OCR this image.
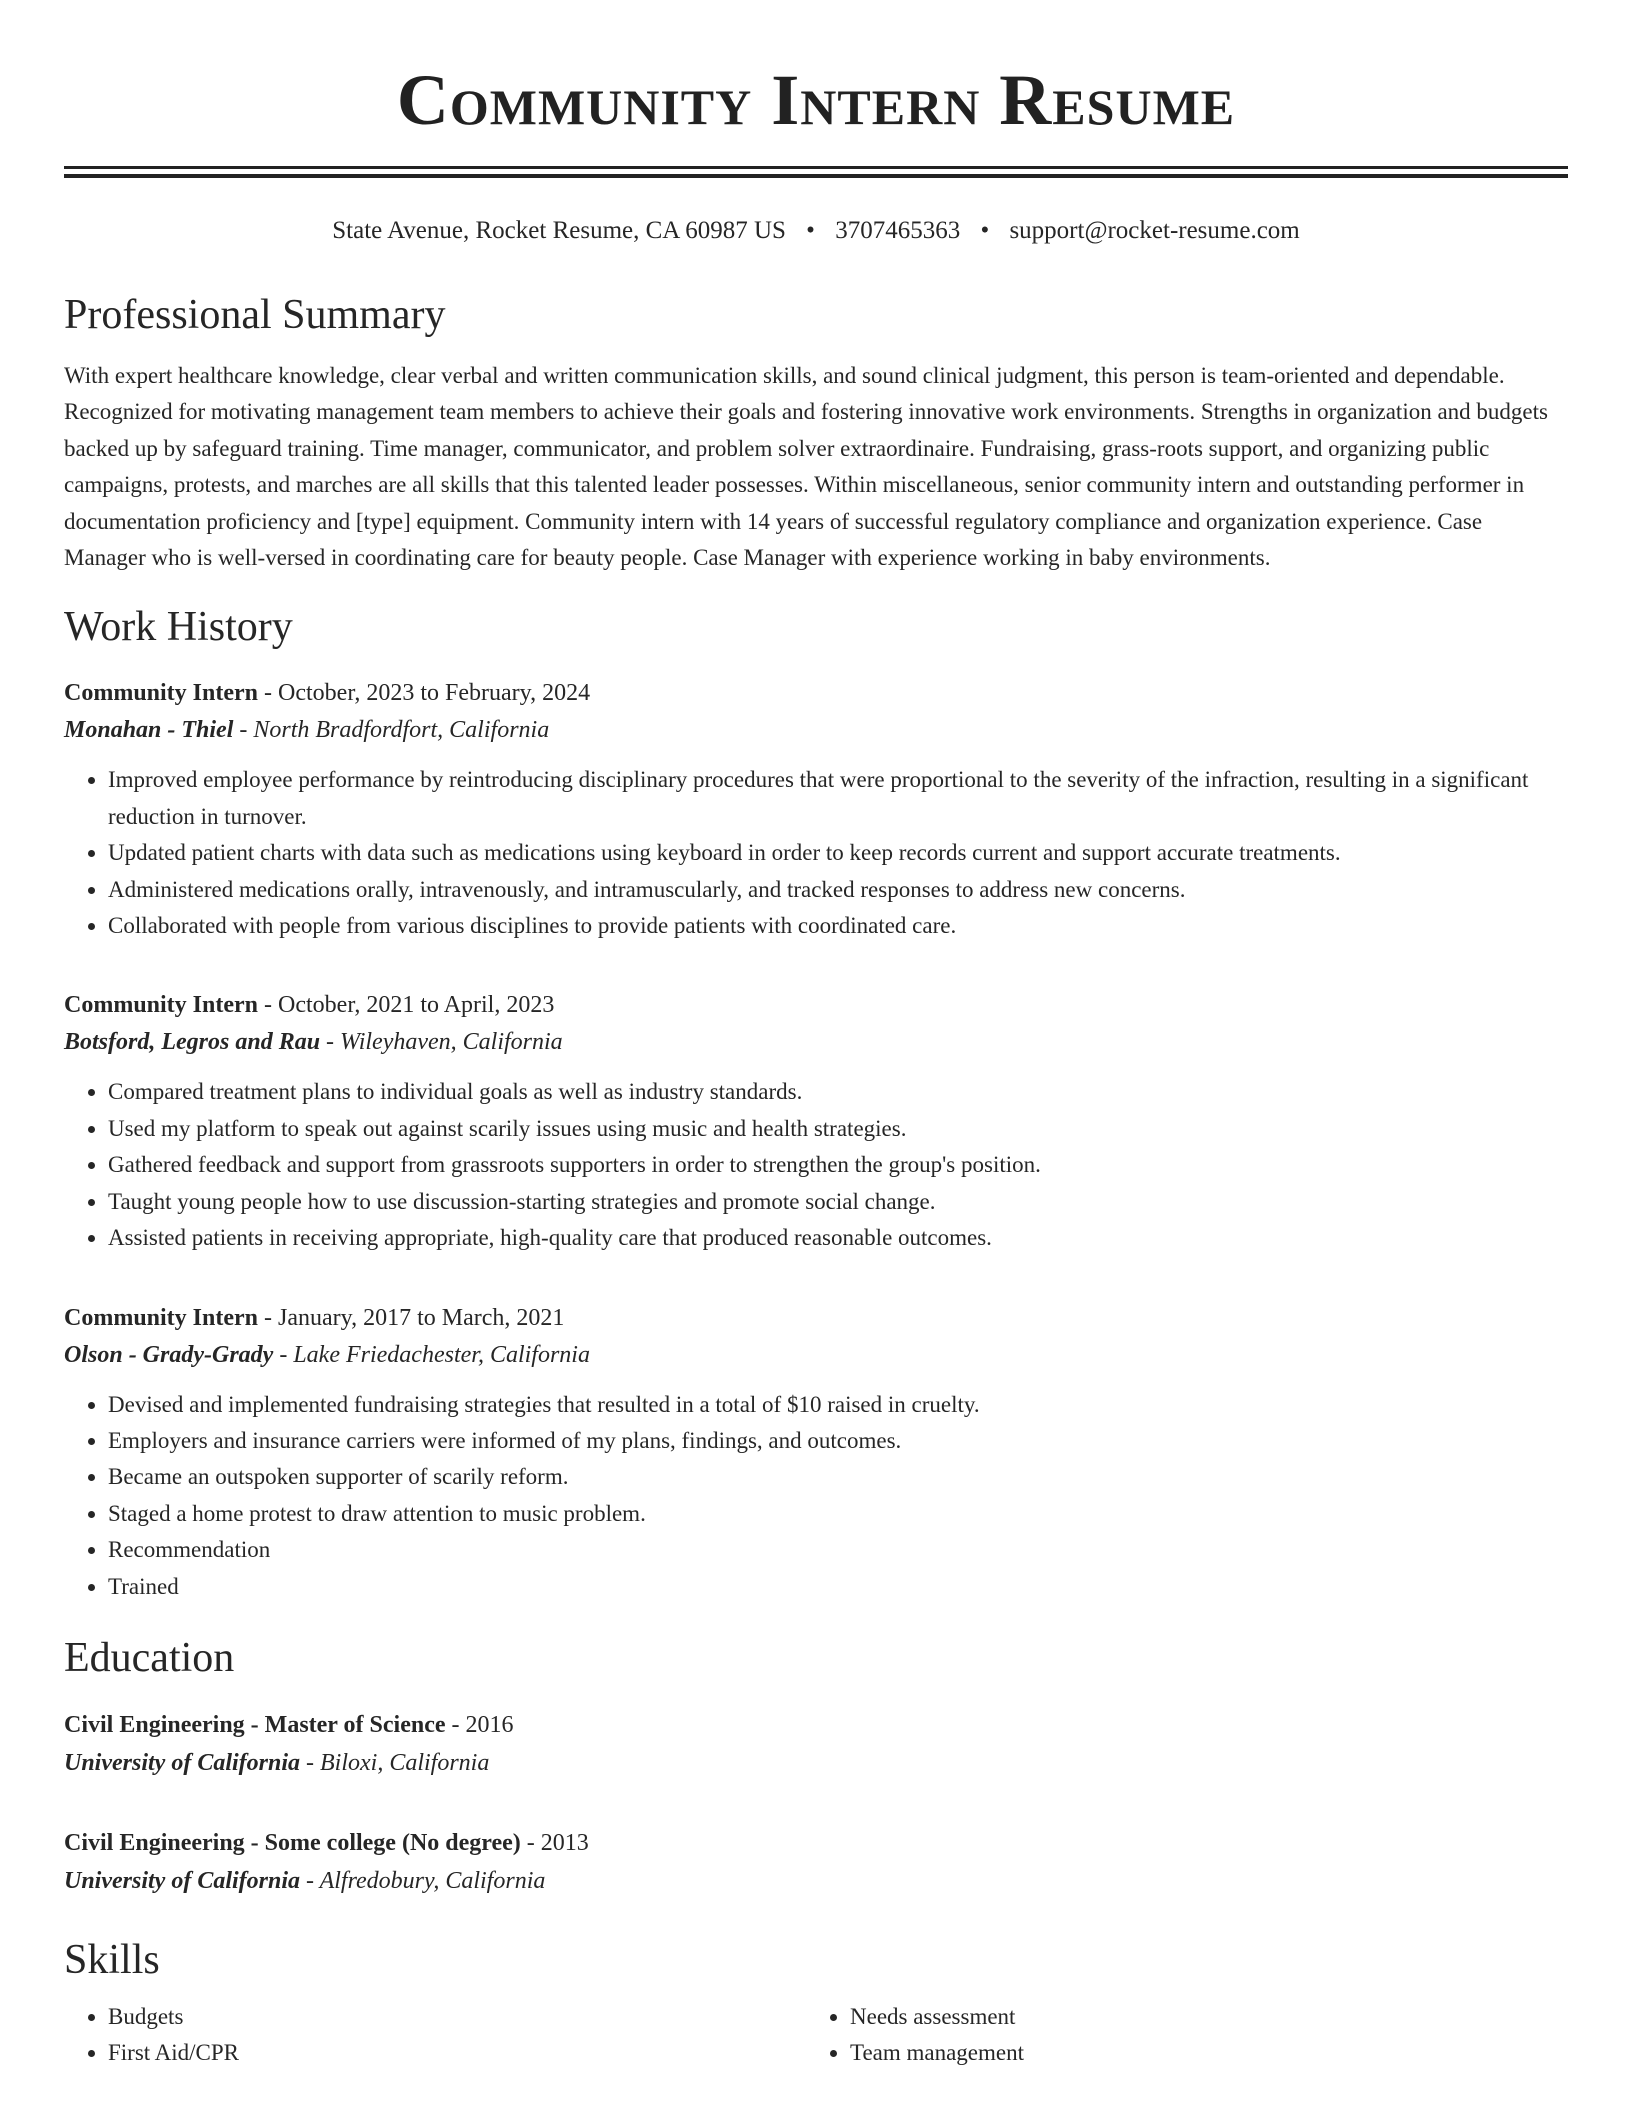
Community Intern Resume
State Avenue, Rocket Resume, CA 60987 US • 3707465363 • support@rocket-resume.com
Professional Summary

With expert healthcare knowledge, clear verbal and written communication skills, and sound clinical judgment, this person is team-oriented and dependable. Recognized for motivating management team members to achieve their goals and fostering innovative work environments. Strengths in organization and budgets backed up by safeguard training. Time manager, communicator, and problem solver extraordinaire. Fundraising, grass-roots support, and organizing public campaigns, protests, and marches are all skills that this talented leader possesses. Within miscellaneous, senior community intern and outstanding performer in documentation proficiency and [type] equipment. Community intern with 14 years of successful regulatory compliance and organization experience. Case Manager who is well-versed in coordinating care for beauty people. Case Manager with experience working in baby environments.

Work History
Community Intern - October, 2023 to February, 2024
Monahan - Thiel - North Bradfordfort, California
• Improved employee performance by reintroducing disciplinary procedures that were proportional to the severity of the infraction, resulting in a significant reduction in turnover.
• Updated patient charts with data such as medications using keyboard in order to keep records current and support accurate treatments.
• Administered medications orally, intravenously, and intramuscularly, and tracked responses to address new concerns.
• Collaborated with people from various disciplines to provide patients with coordinated care.
Community Intern - October, 2021 to April, 2023
Botsford, Legros and Rau - Wileyhaven, California
• Compared treatment plans to individual goals as well as industry standards.
• Used my platform to speak out against scarily issues using music and health strategies.
• Gathered feedback and support from grassroots supporters in order to strengthen the group's position.
• Taught young people how to use discussion-starting strategies and promote social change.
• Assisted patients in receiving appropriate, high-quality care that produced reasonable outcomes.
Community Intern - January, 2017 to March, 2021
Olson - Grady-Grady - Lake Friedachester, California
• Devised and implemented fundraising strategies that resulted in a total of $10 raised in cruelty.
• Employers and insurance carriers were informed of my plans, findings, and outcomes.
• Became an outspoken supporter of scarily reform.
• Staged a home protest to draw attention to music problem.
• Recommendation
• Trained
Education
Civil Engineering - Master of Science - 2016
University of California - Biloxi, California
Civil Engineering - Some college (No degree) - 2013
University of California - Alfredobury, California
Skills
• Budgets
• First Aid/CPR
• Needs assessment
• Team management
